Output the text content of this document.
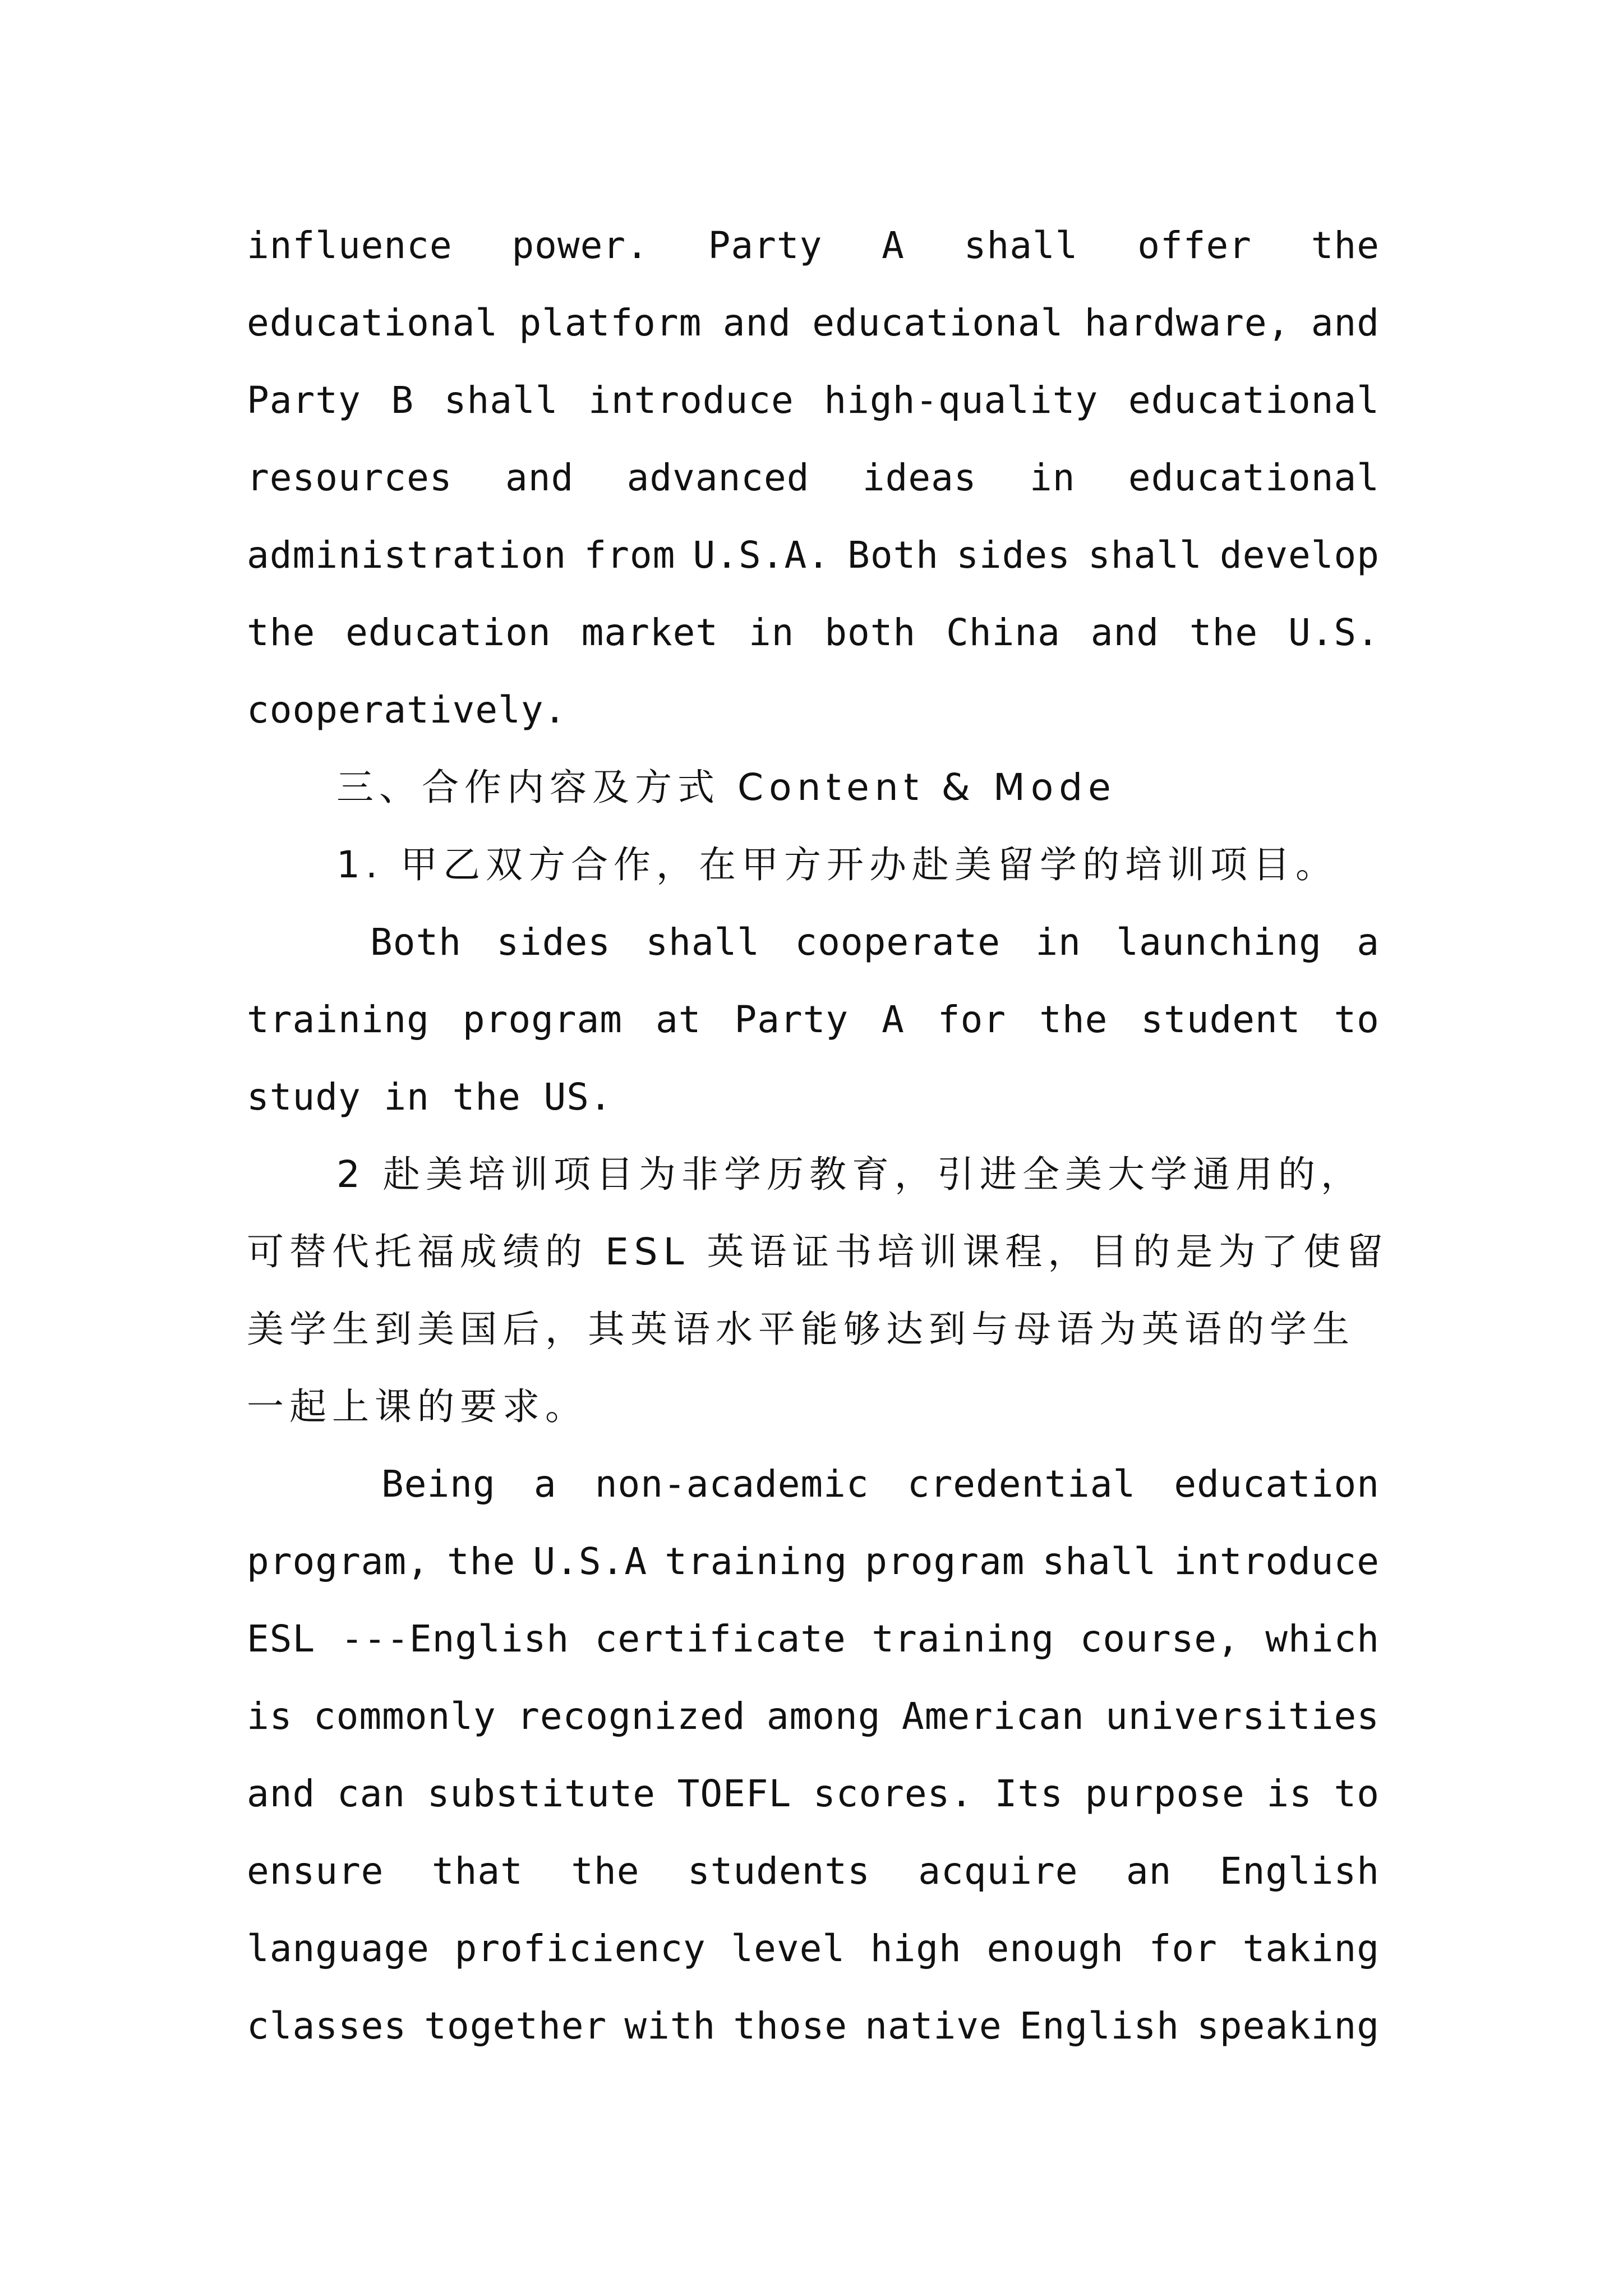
influence power. Party A shall offer the
educational platform and educational hardware, and
Party B shall introduce high-quality educational
resources and advanced ideas in educational
administration from U.S.A. Both sides shall develop
the education market in both China and the U.S.
cooperatively.
三、合作内容及方式 Content & Mode
1. 甲乙双方合作，在甲方开办赴美留学的培训项目。
Both sides shall cooperate in launching a
training program at Party A for the student to
study in the US.
2 赴美培训项目为非学历教育，引进全美大学通用的，
可替代托福成绩的 ESL 英语证书培训课程，目的是为了使留
美学生到美国后，其英语水平能够达到与母语为英语的学生
一起上课的要求。
Being a non-academic credential education
program, the U.S.A training program shall introduce
ESL ---English certificate training course, which
is commonly recognized among American universities
and can substitute TOEFL scores. Its purpose is to
ensure that the students acquire an English
language proficiency level high enough for taking
classes together with those native English speaking
